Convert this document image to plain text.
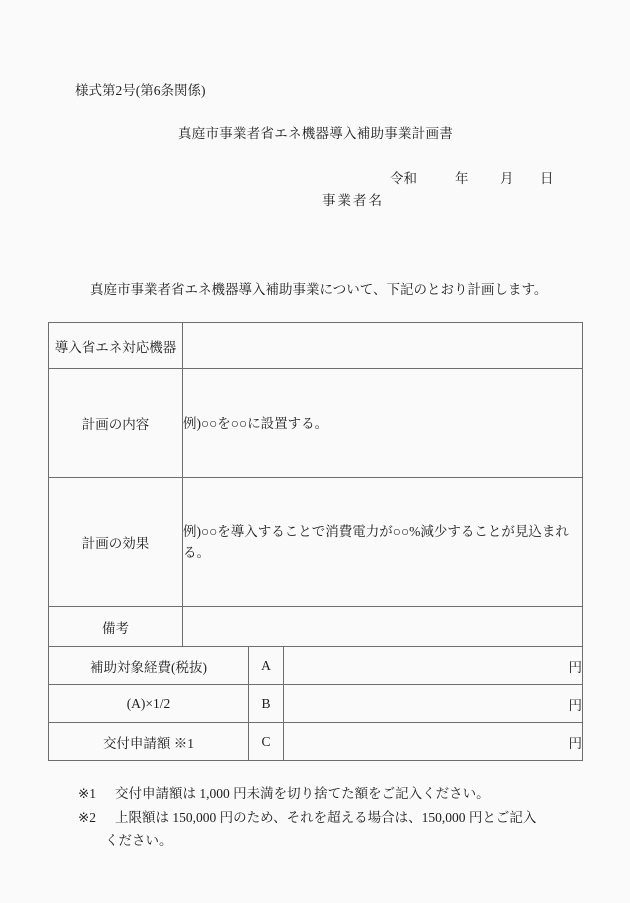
様式第2号(第6条関係)
真庭市事業者省エネ機器導入補助事業計画書
令和	年 月 日
事業者名
真庭市事業者省エネ機器導入補助事業について、下記のとおり計画します。
導入省エネ対応機器	
計画の内容	例)○○を○○に設置する。
計画の効果	例)○○を導入することで消費電力が○○%減少することが見込まれる。
備考	
補助対象経費(税抜)	A	円
(A)×1/2	B	円
交付申請額 ※1	C	円
※1	交付申請額は 1,000 円未満を切り捨てた額をご記入ください。
※2	上限額は 150,000 円のため、それを超える場合は、150,000 円とご記入
ください。
